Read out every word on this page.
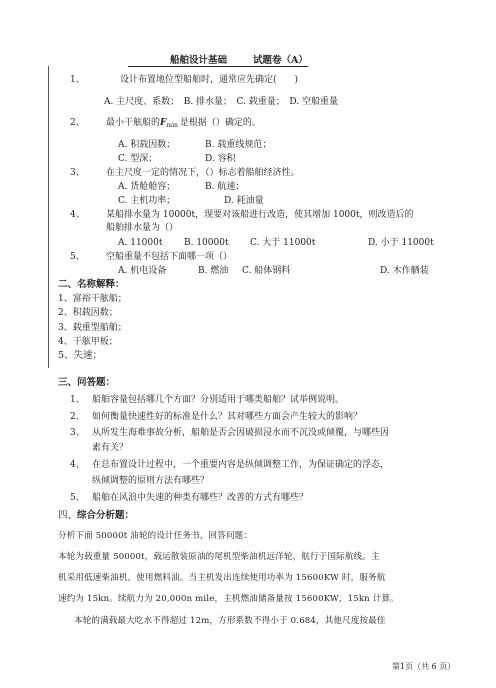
船舶设计基础	试题卷（A）
1、	设计布置地位型船舶时，通常应先确定(　　)
A. 主尺度、系数；　B. 排水量；　C. 载重量；　D. 空船重量
2、 最小干舷船的$F_{min}$ 是根据（）确定的。
A. 积载因数；	B. 载重线规范；
C. 型深；	D. 容积
3、 在主尺度一定的情况下，（）标志着船舶经济性。
A. 货舱舱容；	B. 航速；
C. 主机功率；	D. 耗油量
4、 某船排水量为 10000t，现要对该船进行改造，使其增加 1000t，则改造后的
船舶排水量为（）
A. 11000t B. 10000t C. 大于 11000t	D. 小于 11000t
5、 空船重量不包括下面哪一项（）
A. 机电设备	B. 燃油 C. 船体钢料	D. 木作舾装
二、名称解释：
1、富裕干舷船；
2、积载因数；
3、载重型船舶；
4、干舷甲板；
5、失速；
三、问答题：
1、 船舶容量包括哪几个方面？分别适用于哪类船舶？试举例说明。
2、 如何衡量快速性好的标准是什么？其对哪些方面会产生较大的影响？
3、 从所发生海难事故分析，船舶是否会因破损浸水而不沉没或倾覆，与哪些因
素有关？
4、 在总布置设计过程中，一个重要内容是纵倾调整工作，为保证确定的浮态，
纵倾调整的原则方法有哪些？
5、 船舶在风浪中失速的种类有哪些？改善的方式有哪些？
四、综合分析题：
分析下面 50000t 油轮的设计任务书，回答问题：
本轮为载重量 50000t，载运散装原油的尾机型柴油机远洋轮，航行于国际航线。主
机采用低速柴油机，使用燃料油。当主机发出连续使用功率为 15600KW 时，服务航
速约为 15kn。续航力为 20,000n mile，主机燃油储备量按 15600KW，15kn 计算。
本轮的满载最大吃水不得超过 12m，方形系数不得小于 0.684，其他尺度按最佳
第1页（共 6 页）
